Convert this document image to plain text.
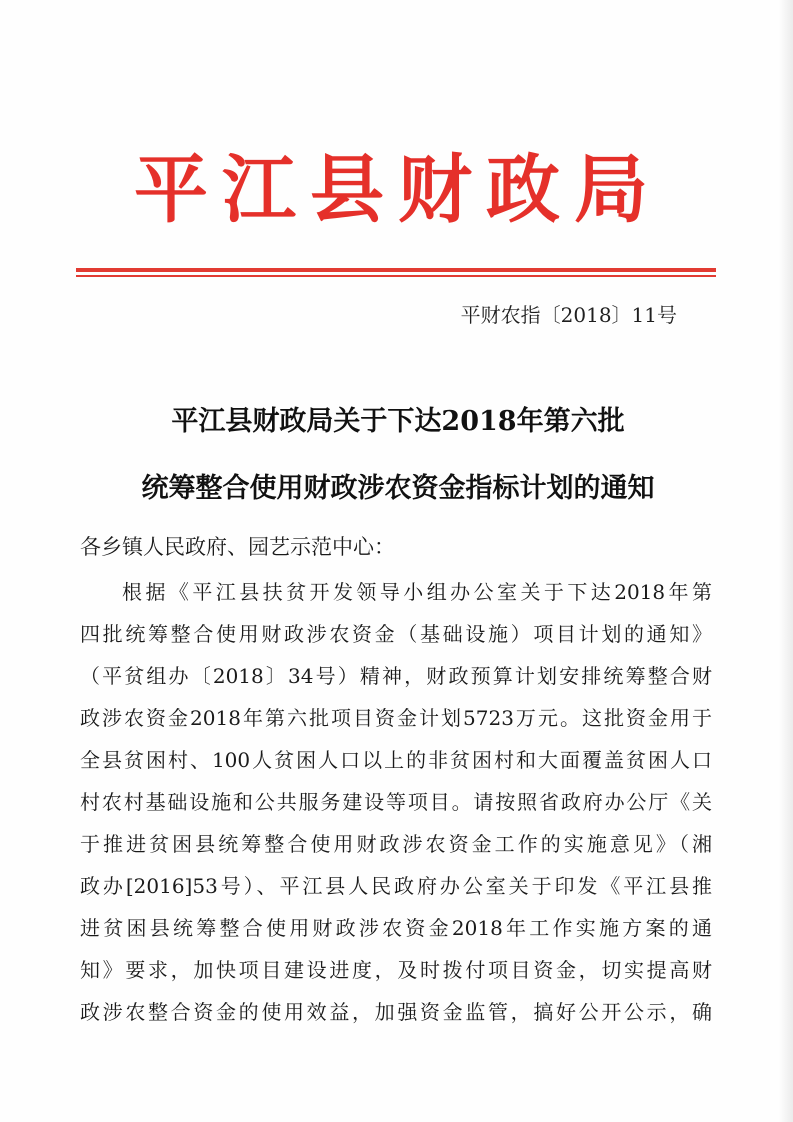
平江县财政局
平财农指〔2018〕11号
平江县财政局关于下达2018年第六批
统筹整合使用财政涉农资金指标计划的通知
各乡镇人民政府、园艺示范中心：
根据《平江县扶贫开发领导小组办公室关于下达2018年第
四批统筹整合使用财政涉农资金（基础设施）项目计划的通知》
（平贫组办〔2018〕34号）精神，财政预算计划安排统筹整合财
政涉农资金2018年第六批项目资金计划5723万元。这批资金用于
全县贫困村、100人贫困人口以上的非贫困村和大面覆盖贫困人口
村农村基础设施和公共服务建设等项目。请按照省政府办公厅《关
于推进贫困县统筹整合使用财政涉农资金工作的实施意见》（湘
政办[2016]53号）、平江县人民政府办公室关于印发《平江县推
进贫困县统筹整合使用财政涉农资金2018年工作实施方案的通
知》要求，加快项目建设进度，及时拨付项目资金，切实提高财
政涉农整合资金的使用效益，加强资金监管，搞好公开公示，确
